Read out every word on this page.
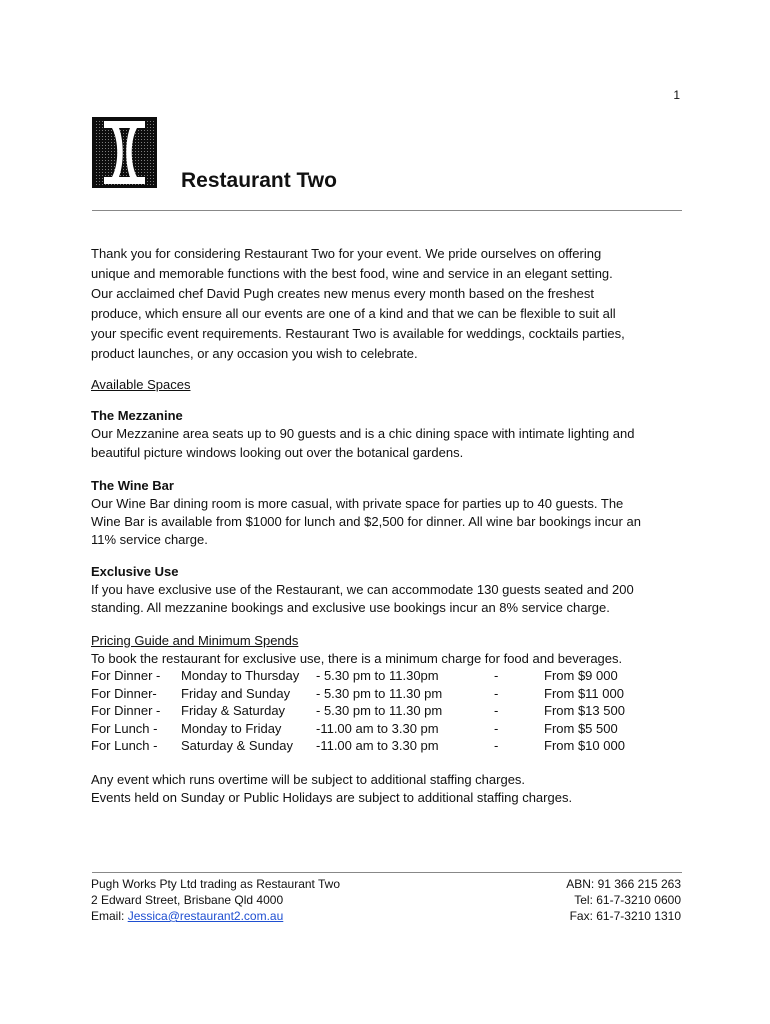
1
Restaurant Two
Thank you for considering Restaurant Two for your event. We pride ourselves on offering
unique and memorable functions with the best food, wine and service in an elegant setting.
Our acclaimed chef David Pugh creates new menus every month based on the freshest
produce, which ensure all our events are one of a kind and that we can be flexible to suit all
your specific event requirements. Restaurant Two is available for weddings, cocktails parties,
product launches, or any occasion you wish to celebrate.
Available Spaces
The Mezzanine
Our Mezzanine area seats up to 90 guests and is a chic dining space with intimate lighting and
beautiful picture windows looking out over the botanical gardens.
The Wine Bar
Our Wine Bar dining room is more casual, with private space for parties up to 40 guests. The
Wine Bar is available from $1000 for lunch and $2,500 for dinner. All wine bar bookings incur an
11% service charge.
Exclusive Use
If you have exclusive use of the Restaurant, we can accommodate 130 guests seated and 200
standing. All mezzanine bookings and exclusive use bookings incur an 8% service charge.
Pricing Guide and Minimum Spends
To book the restaurant for exclusive use, there is a minimum charge for food and beverages.
For Dinner -	Monday to Thursday	- 5.30 pm to 11.30pm	-	From $9 000
For Dinner-	Friday and Sunday	- 5.30 pm to 11.30 pm	-	From $11 000
For Dinner -	Friday & Saturday	- 5.30 pm to 11.30 pm	-	From $13 500
For Lunch -	Monday to Friday	-11.00 am to 3.30 pm	-	From $5 500
For Lunch -	Saturday & Sunday	-11.00 am to 3.30 pm	-	From $10 000
Any event which runs overtime will be subject to additional staffing charges.
Events held on Sunday or Public Holidays are subject to additional staffing charges.
Pugh Works Pty Ltd trading as Restaurant Two
2 Edward Street, Brisbane Qld 4000
Email: Jessica@restaurant2.com.au
ABN: 91 366 215 263
Tel: 61-7-3210 0600
Fax: 61-7-3210 1310
